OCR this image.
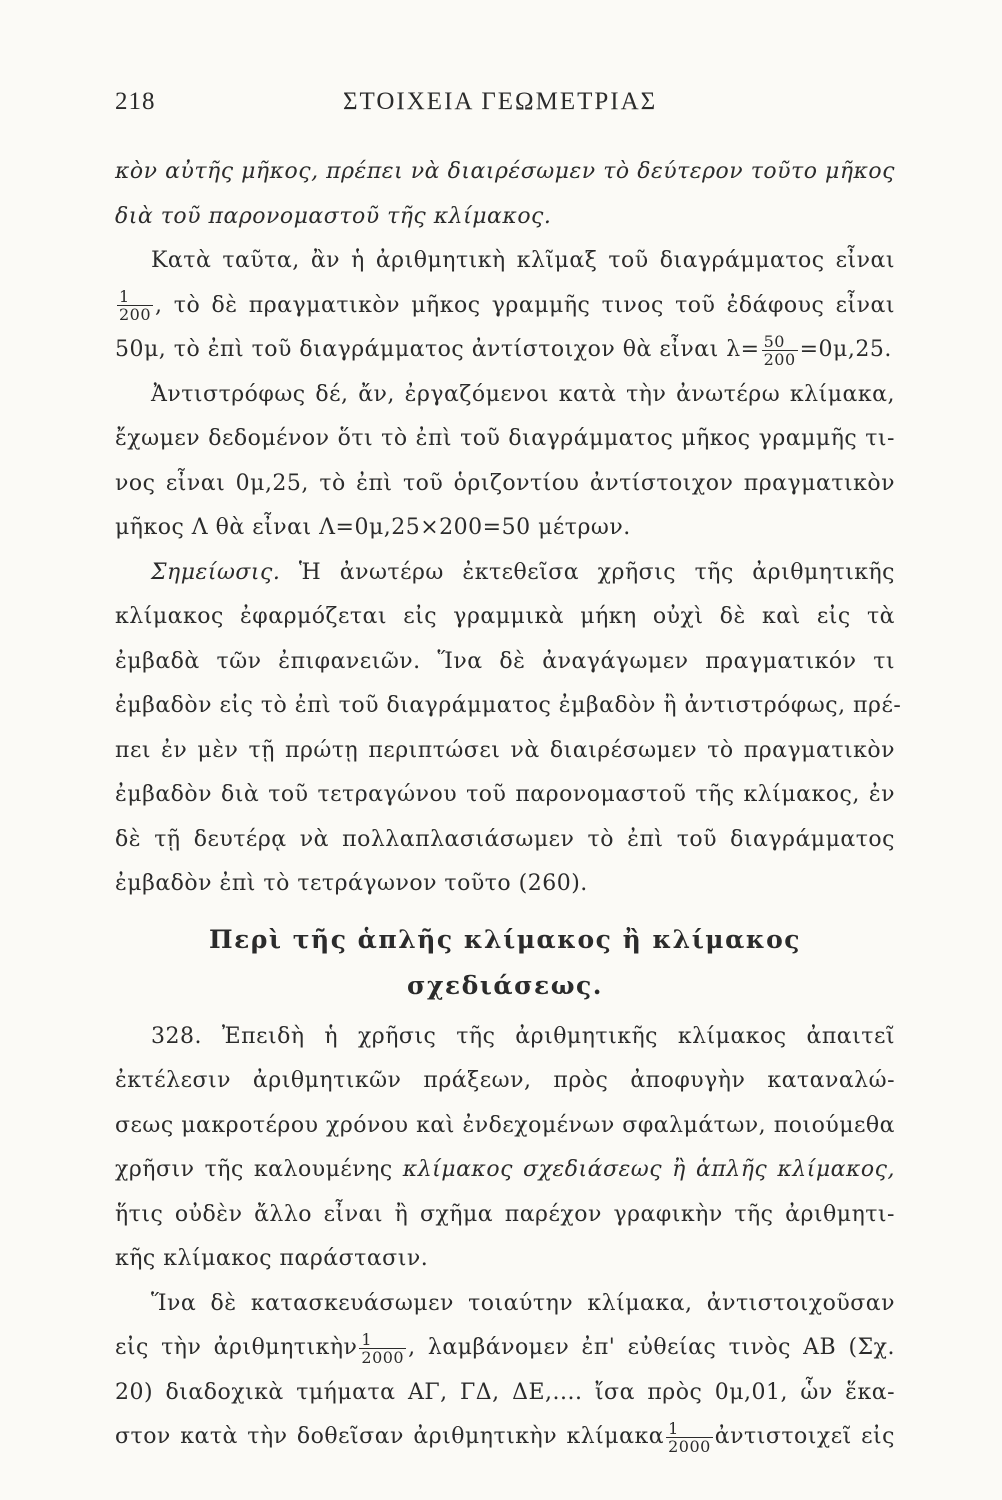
218	ΣΤΟΙΧΕΙΑ ΓΕΩΜΕΤΡΙΑΣ
κὸν αὐτῆς μῆκος, πρέπει νὰ διαιρέσωμεν τὸ δεύτερον τοῦτο μῆκος
διὰ τοῦ παρονομαστοῦ τῆς κλίμακος.
Κατὰ ταῦτα, ἂν ἡ ἀριθμητικὴ κλῖμαξ τοῦ διαγράμματος εἶναι
$\frac{1}{200}$ , τὸ δὲ πραγματικὸν μῆκος γραμμῆς τινος τοῦ ἐδάφους εἶναι
50μ, τὸ ἐπὶ τοῦ διαγράμματος ἀντίστοιχον θὰ εἶναι $\lambda= \frac{50}{200} =0\mu,25$.
Ἀντιστρόφως δέ, ἄν, ἐργαζόμενοι κατὰ τὴν ἀνωτέρω κλίμακα,
ἔχωμεν δεδομένον ὅτι τὸ ἐπὶ τοῦ διαγράμματος μῆκος γραμμῆς τι-
νος εἶναι 0μ,25, τὸ ἐπὶ τοῦ ὁριζοντίου ἀντίστοιχον πραγματικὸν
μῆκος Λ θὰ εἶναι Λ=0μ,25×200=50 μέτρων.
Σημείωσις. Ἡ ἀνωτέρω ἐκτεθεῖσα χρῆσις τῆς ἀριθμητικῆς
κλίμακος ἐφαρμόζεται εἰς γραμμικὰ μήκη οὐχὶ δὲ καὶ εἰς τὰ
ἐμβαδὰ τῶν ἐπιφανειῶν. Ἵνα δὲ ἀναγάγωμεν πραγματικόν τι
ἐμβαδὸν εἰς τὸ ἐπὶ τοῦ διαγράμματος ἐμβαδὸν ἢ ἀντιστρόφως, πρέ-
πει ἐν μὲν τῇ πρώτῃ περιπτώσει νὰ διαιρέσωμεν τὸ πραγματικὸν
ἐμβαδὸν διὰ τοῦ τετραγώνου τοῦ παρονομαστοῦ τῆς κλίμακος, ἐν
δὲ τῇ δευτέρᾳ νὰ πολλαπλασιάσωμεν τὸ ἐπὶ τοῦ διαγράμματος
ἐμβαδὸν ἐπὶ τὸ τετράγωνον τοῦτο (260).
Περὶ τῆς ἁπλῆς κλίμακος ἢ κλίμακος
σχεδιάσεως.
328. Ἐπειδὴ ἡ χρῆσις τῆς ἀριθμητικῆς κλίμακος ἀπαιτεῖ
ἐκτέλεσιν ἀριθμητικῶν πράξεων, πρὸς ἀποφυγὴν καταναλώ-
σεως μακροτέρου χρόνου καὶ ἐνδεχομένων σφαλμάτων, ποιούμεθα
χρῆσιν τῆς καλουμένης κλίμακος σχεδιάσεως ἢ ἁπλῆς κλίμακος,
ἥτις οὐδὲν ἄλλο εἶναι ἢ σχῆμα παρέχον γραφικὴν τῆς ἀριθμητι-
κῆς κλίμακος παράστασιν.
Ἵνα δὲ κατασκευάσωμεν τοιαύτην κλίμακα, ἀντιστοιχοῦσαν
εἰς τὴν ἀριθμητικὴν $\frac{1}{2000}$ , λαμβάνομεν ἐπ' εὐθείας τινὸς ΑΒ (Σχ.
20) διαδοχικὰ τμήματα ΑΓ, ΓΔ, ΔΕ,.... ἴσα πρὸς 0μ,01, ὧν ἕκα-
στον κατὰ τὴν δοθεῖσαν ἀριθμητικὴν κλίμακα $\frac{1}{2000}$ ἀντιστοιχεῖ εἰς
